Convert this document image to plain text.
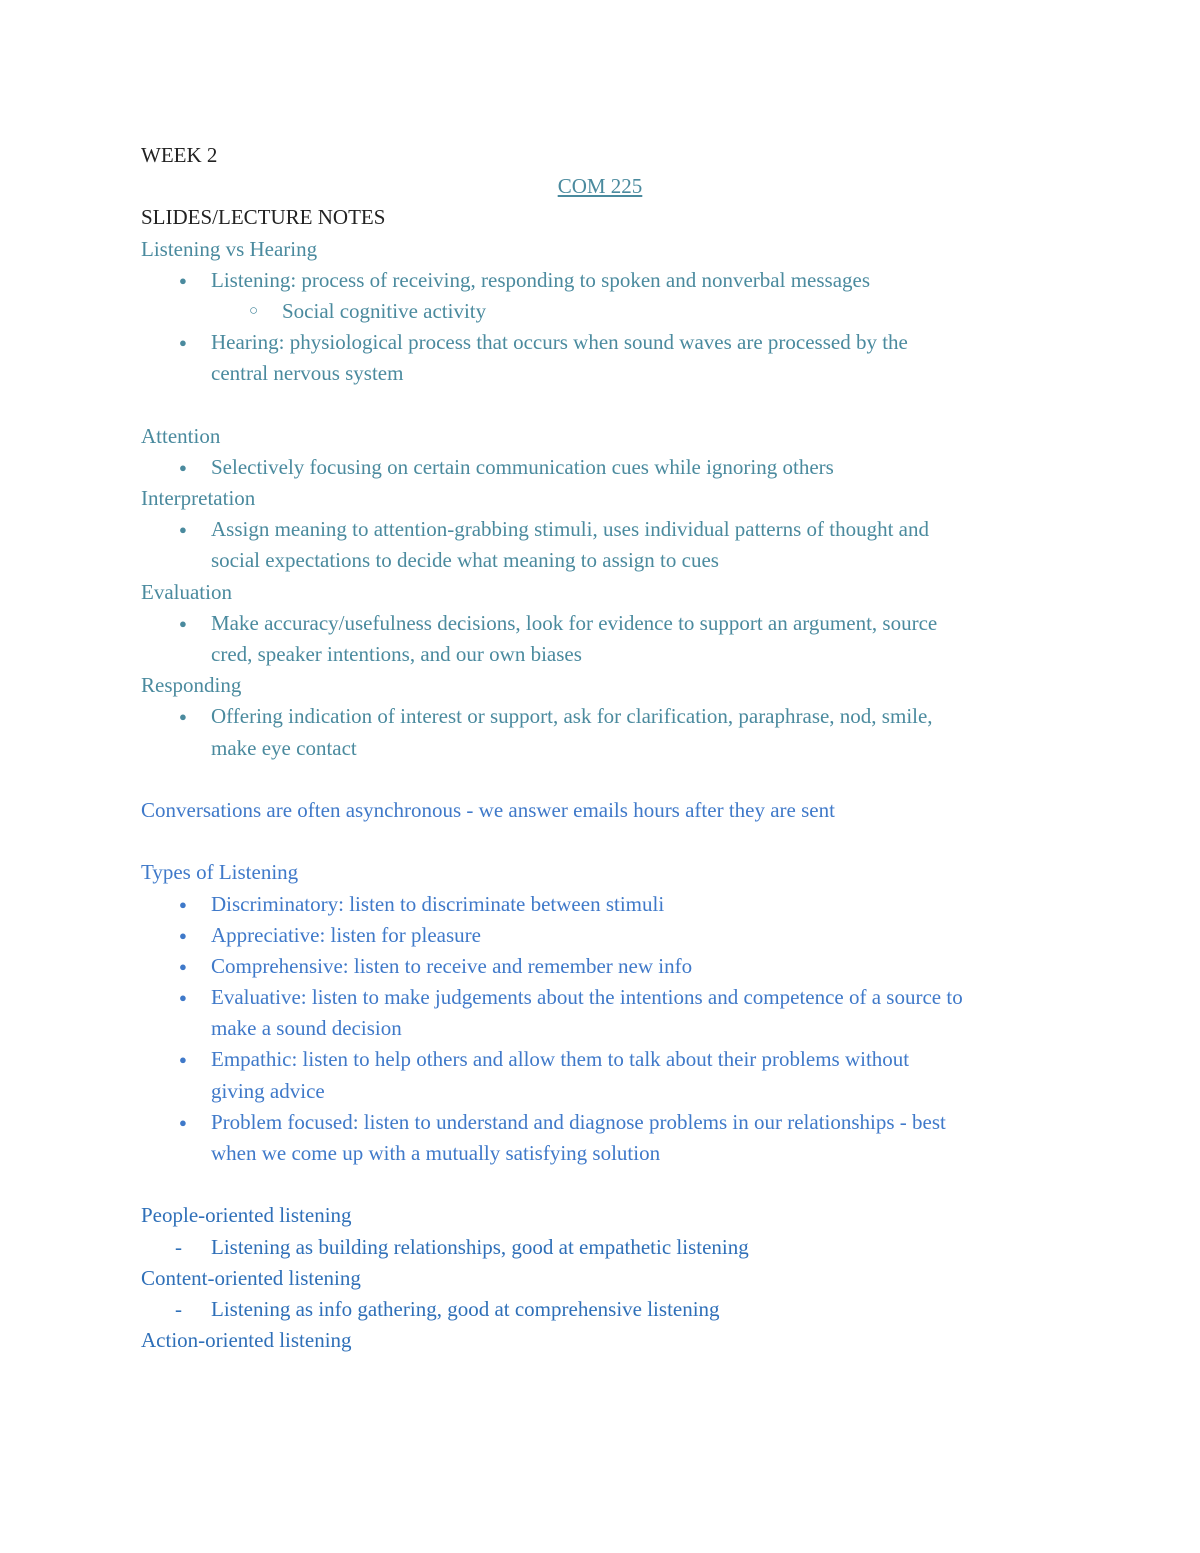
WEEK 2
COM 225
SLIDES/LECTURE NOTES
Listening vs Hearing
● Listening: process of receiving, responding to spoken and nonverbal messages
○ Social cognitive activity
● Hearing: physiological process that occurs when sound waves are processed by the
central nervous system
Attention
● Selectively focusing on certain communication cues while ignoring others
Interpretation
● Assign meaning to attention-grabbing stimuli, uses individual patterns of thought and
social expectations to decide what meaning to assign to cues
Evaluation
● Make accuracy/usefulness decisions, look for evidence to support an argument, source
cred, speaker intentions, and our own biases
Responding
● Offering indication of interest or support, ask for clarification, paraphrase, nod, smile,
make eye contact
Conversations are often asynchronous - we answer emails hours after they are sent
Types of Listening
● Discriminatory: listen to discriminate between stimuli
● Appreciative: listen for pleasure
● Comprehensive: listen to receive and remember new info
● Evaluative: listen to make judgements about the intentions and competence of a source to
make a sound decision
● Empathic: listen to help others and allow them to talk about their problems without
giving advice
● Problem focused: listen to understand and diagnose problems in our relationships - best
when we come up with a mutually satisfying solution
People-oriented listening
- Listening as building relationships, good at empathetic listening
Content-oriented listening
- Listening as info gathering, good at comprehensive listening
Action-oriented listening
